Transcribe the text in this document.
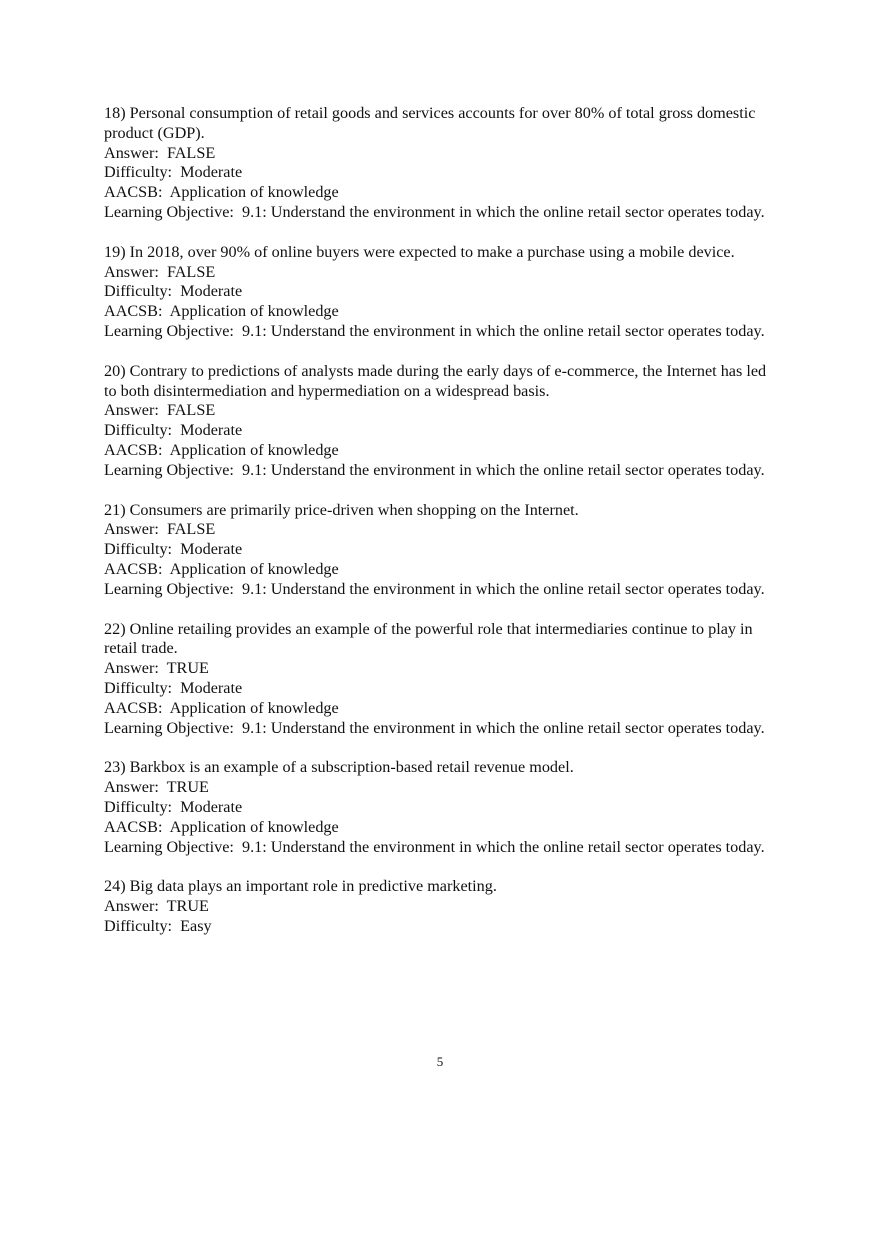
18) Personal consumption of retail goods and services accounts for over 80% of total gross domestic product (GDP).
Answer:  FALSE
Difficulty:  Moderate
AACSB:  Application of knowledge
Learning Objective:  9.1: Understand the environment in which the online retail sector operates today.
19) In 2018, over 90% of online buyers were expected to make a purchase using a mobile device.
Answer:  FALSE
Difficulty:  Moderate
AACSB:  Application of knowledge
Learning Objective:  9.1: Understand the environment in which the online retail sector operates today.
20) Contrary to predictions of analysts made during the early days of e-commerce, the Internet has led to both disintermediation and hypermediation on a widespread basis.
Answer:  FALSE
Difficulty:  Moderate
AACSB:  Application of knowledge
Learning Objective:  9.1: Understand the environment in which the online retail sector operates today.
21) Consumers are primarily price-driven when shopping on the Internet.
Answer:  FALSE
Difficulty:  Moderate
AACSB:  Application of knowledge
Learning Objective:  9.1: Understand the environment in which the online retail sector operates today.
22) Online retailing provides an example of the powerful role that intermediaries continue to play in retail trade.
Answer:  TRUE
Difficulty:  Moderate
AACSB:  Application of knowledge
Learning Objective:  9.1: Understand the environment in which the online retail sector operates today.
23) Barkbox is an example of a subscription-based retail revenue model.
Answer:  TRUE
Difficulty:  Moderate
AACSB:  Application of knowledge
Learning Objective:  9.1: Understand the environment in which the online retail sector operates today.
24) Big data plays an important role in predictive marketing.
Answer:  TRUE
Difficulty:  Easy
5
